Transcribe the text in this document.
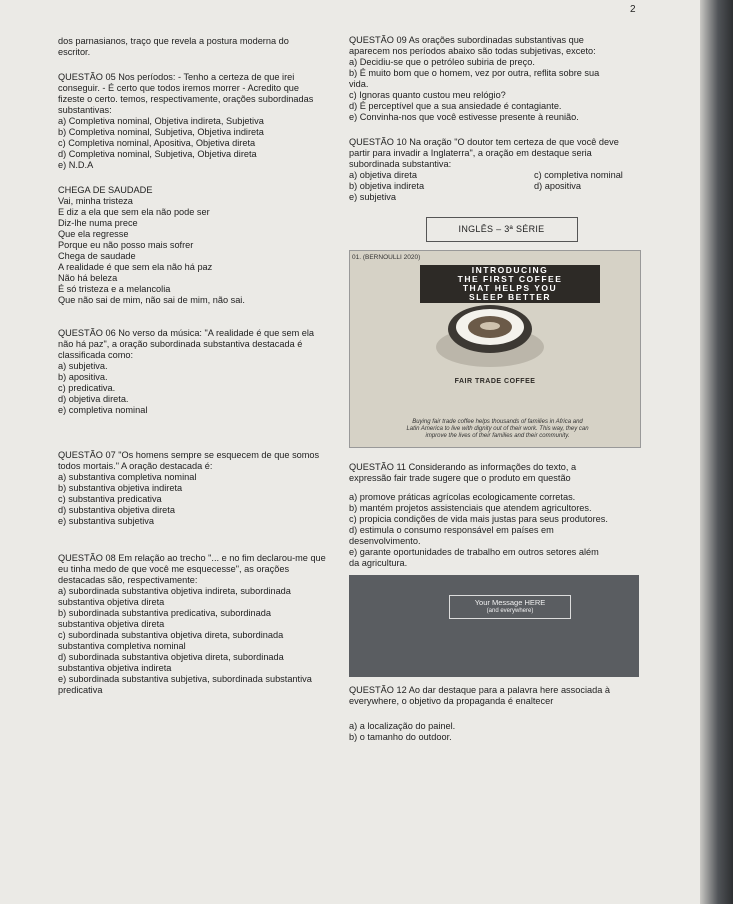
2

dos parnasianos, traço que revela a postura moderna do

escritor.

QUESTÃO 05 Nos períodos: - Tenho a certeza de que irei

conseguir. - É certo que todos iremos morrer - Acredito que

fizeste o certo. temos, respectivamente, orações subordinadas

substantivas:

a) Completiva nominal, Objetiva indireta, Subjetiva

b) Completiva nominal, Subjetiva, Objetiva indireta

c) Completiva nominal, Apositiva, Objetiva direta

d) Completiva nominal, Subjetiva, Objetiva direta

e) N.D.A

CHEGA DE SAUDADE

Vai, minha tristeza

E diz a ela que sem ela não pode ser

Diz-lhe numa prece

Que ela regresse

Porque eu não posso mais sofrer

Chega de saudade

A realidade é que sem ela não há paz

Não há beleza

É só tristeza e a melancolia

Que não sai de mim, não sai de mim, não sai.

QUESTÃO 06 No verso da música: "A realidade é que sem ela

não há paz", a oração subordinada substantiva destacada é

classificada como:

a) subjetiva.

b) apositiva.

c) predicativa.

d) objetiva direta.

e) completiva nominal

QUESTÃO 07 "Os homens sempre se esquecem de que somos

todos mortais." A oração destacada é:

a) substantiva completiva nominal

b) substantiva objetiva indireta

c) substantiva predicativa

d) substantiva objetiva direta

e) substantiva subjetiva

QUESTÃO 08 Em relação ao trecho "... e no fim declarou-me que

eu tinha medo de que você me esquecesse", as orações

destacadas são, respectivamente:

a) subordinada substantiva objetiva indireta, subordinada

substantiva objetiva direta

b) subordinada substantiva predicativa, subordinada

substantiva objetiva direta

c) subordinada substantiva objetiva direta, subordinada

substantiva completiva nominal

d) subordinada substantiva objetiva direta, subordinada

substantiva objetiva indireta

e) subordinada substantiva subjetiva, subordinada substantiva

predicativa

QUESTÃO 09 As orações subordinadas substantivas que

aparecem nos períodos abaixo são todas subjetivas, exceto:

a) Decidiu-se que o petróleo subiria de preço.

b) É muito bom que o homem, vez por outra, reflita sobre sua

vida.

c) Ignoras quanto custou meu relógio?

d) É perceptível que a sua ansiedade é contagiante.

e) Convinha-nos que você estivesse presente à reunião.

QUESTÃO 10 Na oração "O doutor tem certeza de que você deve

partir para invadir a Inglaterra", a oração em destaque seria

subordinada substantiva:

a) objetiva direta	c) completiva nominal
b) objetiva indireta	d) apositiva

e) subjetiva

INGLÊS – 3ª SÉRIE
01. (BERNOULLI 2020)
INTRODUCING
THE FIRST COFFEE
THAT HELPS YOU
SLEEP BETTER
FAIR TRADE COFFEE
Buying fair trade coffee helps thousands of families in Africa and
Latin America to live with dignity out of their work. This way, they can
improve the lives of their families and their community.

QUESTÃO 11 Considerando as informações do texto, a

expressão fair trade sugere que o produto em questão

a) promove práticas agrícolas ecologicamente corretas.

b) mantém projetos assistenciais que atendem agricultores.

c) propicia condições de vida mais justas para seus produtores.

d) estimula o consumo responsável em países em

desenvolvimento.

e) garante oportunidades de trabalho em outros setores além

da agricultura.

Your Message HERE
(and everywhere)

QUESTÃO 12 Ao dar destaque para a palavra here associada à

everywhere, o objetivo da propaganda é enaltecer

a) a localização do painel.

b) o tamanho do outdoor.
